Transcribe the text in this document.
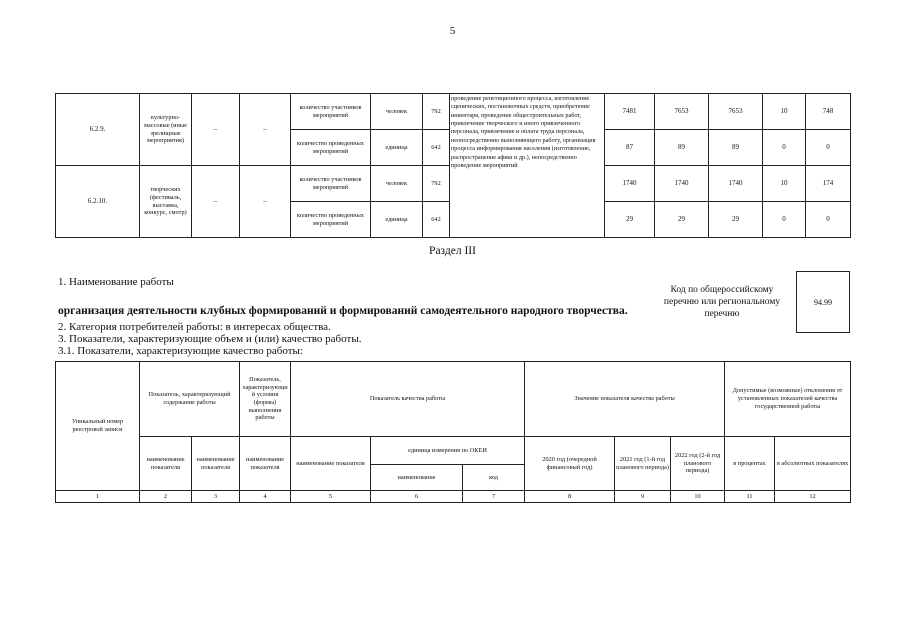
5
6.2.9.	культурно-массовые (иные зрелищные мероприятия)	–	–	количество участников мероприятий	человек	792	проведение репетиционного процесса, изготовление сценических, постановочных средств, приобретение инвентаря, проведение общестроительных работ, привлечение творческого и иного привлеченного персонала, привлечение и оплата труда персонала, неопосредственно выполняющего работу, организация процесса информирования населения (изготовление, распространение афиш и др.), непосредственно проведение мероприятий	7481	7653	7653	10	748
				количество проведенных мероприятий	единица	642		87	89	89	0	0
6.2.10.	творческих (фестиваль, выставка, конкурс, смотр)	–	–	количество участников мероприятий	человек	792		1740	1740	1740	10	174
				количество проведенных мероприятий	единица	642		29	29	29	0	0
Раздел III
1. Наименование работы
организация деятельности клубных формирований и формирований самодеятельного народного творчества.
2. Категория потребителей работы: в интересах общества.
3. Показатели, характеризующие объем и (или) качество работы.
3.1. Показатели, характеризующие качество работы:
Код по общероссийскому перечню или региональному перечню
94.99
Уникальный номер реестровой записи	Показатель, характеризующий содержание работы		Показатель, характеризующий условия (формы) выполнения работы	Показатель качества работы			Значение показателя качества работы			Допустимые (возможные) отклонения от установленных показателей качества государственной работы	
	наименование показателя	наименование показателя	наименование показателя	наименование показателя	единица измерения по ОКЕИ		2020 год (очередной финансовый год)	2021 год (1-й год планового периода)	2022 год (2-й год планового периода)	в процентах	в абсолютных показателях
					наименование	код					
1	2	3	4	5	6	7	8	9	10	11	12
